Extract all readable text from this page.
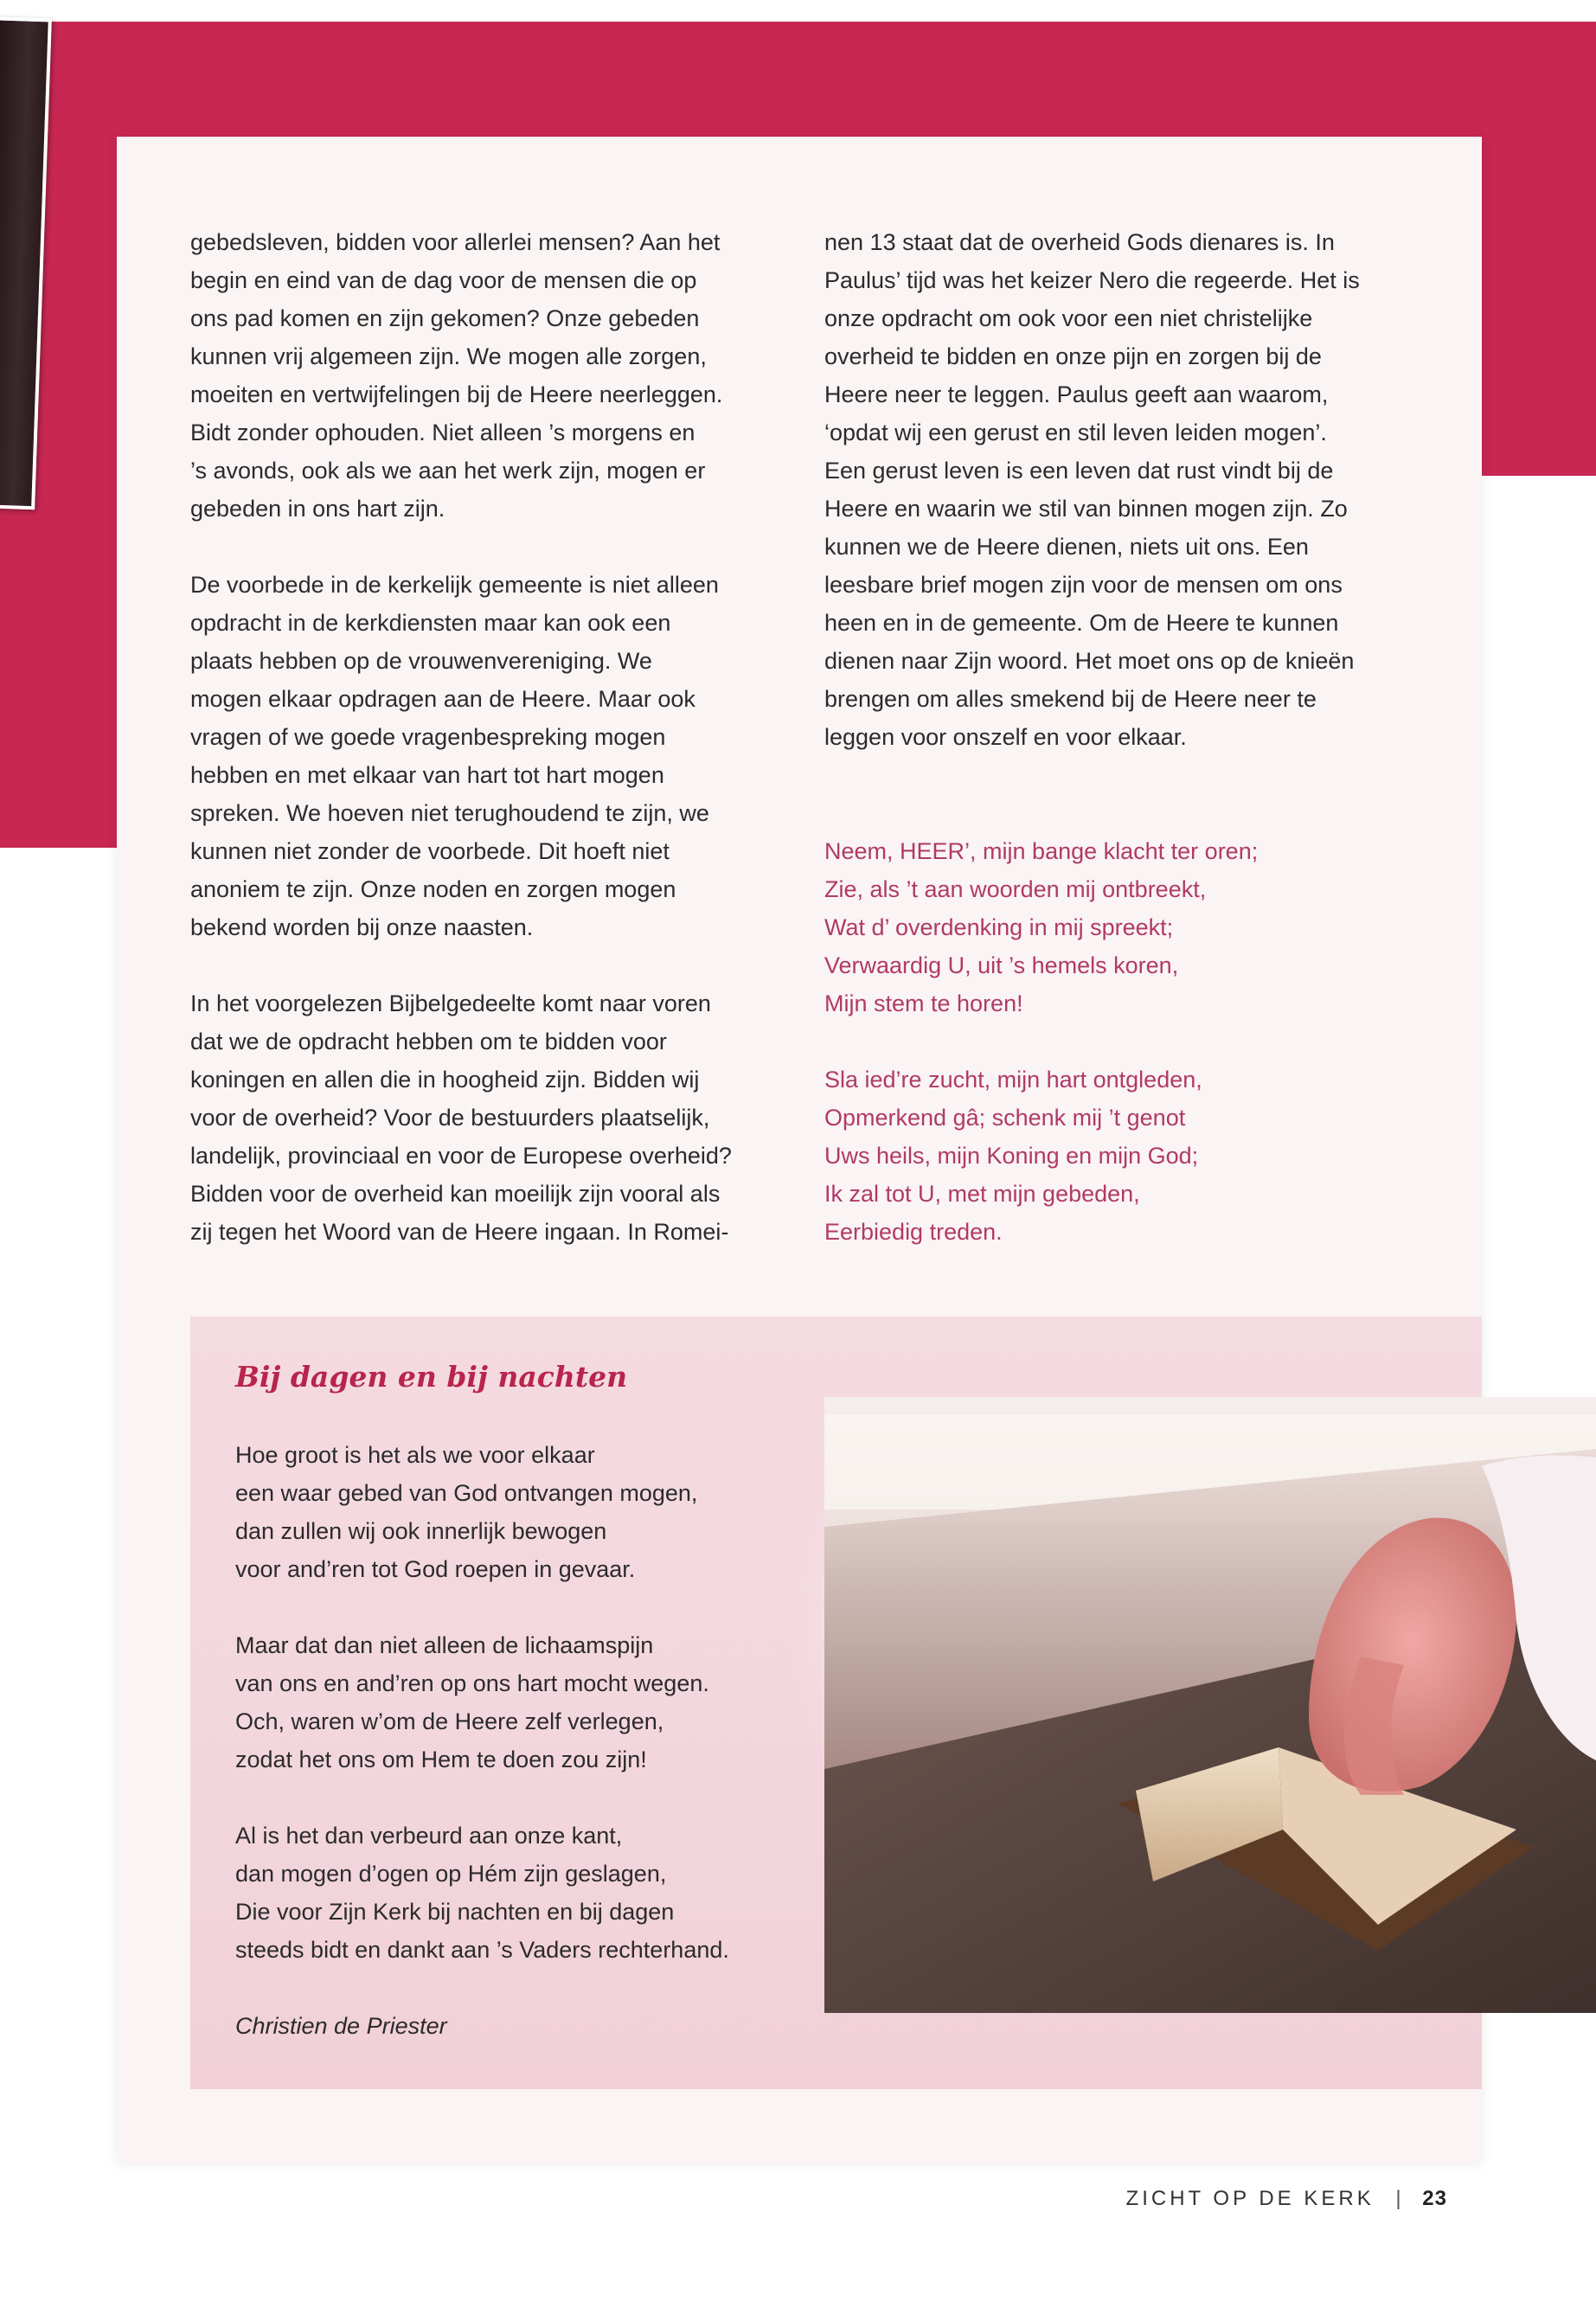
gebedsleven, bidden voor allerlei mensen? Aan het
begin en eind van de dag voor de mensen die op
ons pad komen en zijn gekomen? Onze gebeden
kunnen vrij algemeen zijn. We mogen alle zorgen,
moeiten en vertwijfelingen bij de Heere neerleggen.
Bidt zonder ophouden. Niet alleen ’s morgens en
’s avonds, ook als we aan het werk zijn, mogen er
gebeden in ons hart zijn.

De voorbede in de kerkelijk gemeente is niet alleen
opdracht in de kerkdiensten maar kan ook een
plaats hebben op de vrouwenvereniging. We
mogen elkaar opdragen aan de Heere. Maar ook
vragen of we goede vragenbespreking mogen
hebben en met elkaar van hart tot hart mogen
spreken. We hoeven niet terughoudend te zijn, we
kunnen niet zonder de voorbede. Dit hoeft niet
anoniem te zijn. Onze noden en zorgen mogen
bekend worden bij onze naasten.

In het voorgelezen Bijbelgedeelte komt naar voren
dat we de opdracht hebben om te bidden voor
koningen en allen die in hoogheid zijn. Bidden wij
voor de overheid? Voor de bestuurders plaatselijk,
landelijk, provinciaal en voor de Europese overheid?
Bidden voor de overheid kan moeilijk zijn vooral als
zij tegen het Woord van de Heere ingaan. In Romei-

nen 13 staat dat de overheid Gods dienares is. In
Paulus’ tijd was het keizer Nero die regeerde. Het is
onze opdracht om ook voor een niet christelijke
overheid te bidden en onze pijn en zorgen bij de
Heere neer te leggen. Paulus geeft aan waarom,
‘opdat wij een gerust en stil leven leiden mogen’.
Een gerust leven is een leven dat rust vindt bij de
Heere en waarin we stil van binnen mogen zijn. Zo
kunnen we de Heere dienen, niets uit ons. Een
leesbare brief mogen zijn voor de mensen om ons
heen en in de gemeente. Om de Heere te kunnen
dienen naar Zijn woord. Het moet ons op de knieën
brengen om alles smekend bij de Heere neer te
leggen voor onszelf en voor elkaar.

Neem, HEER’, mijn bange klacht ter oren;
Zie, als ’t aan woorden mij ontbreekt,
Wat d’ overdenking in mij spreekt;
Verwaardig U, uit ’s hemels koren,
Mijn stem te horen!

Sla ied’re zucht, mijn hart ontgleden,
Opmerkend gâ; schenk mij ’t genot
Uws heils, mijn Koning en mijn God;
Ik zal tot U, met mijn gebeden,
Eerbiedig treden.

Bij dagen en bij nachten

Hoe groot is het als we voor elkaar
een waar gebed van God ontvangen mogen,
dan zullen wij ook innerlijk bewogen
voor and’ren tot God roepen in gevaar.

Maar dat dan niet alleen de lichaamspijn
van ons en and’ren op ons hart mocht wegen.
Och, waren w’om de Heere zelf verlegen,
zodat het ons om Hem te doen zou zijn!

Al is het dan verbeurd aan onze kant,
dan mogen d’ogen op Hém zijn geslagen,
Die voor Zijn Kerk bij nachten en bij dagen
steeds bidt en dankt aan ’s Vaders rechterhand.

Christien de Priester

ZICHT OP DE KERK | 23
